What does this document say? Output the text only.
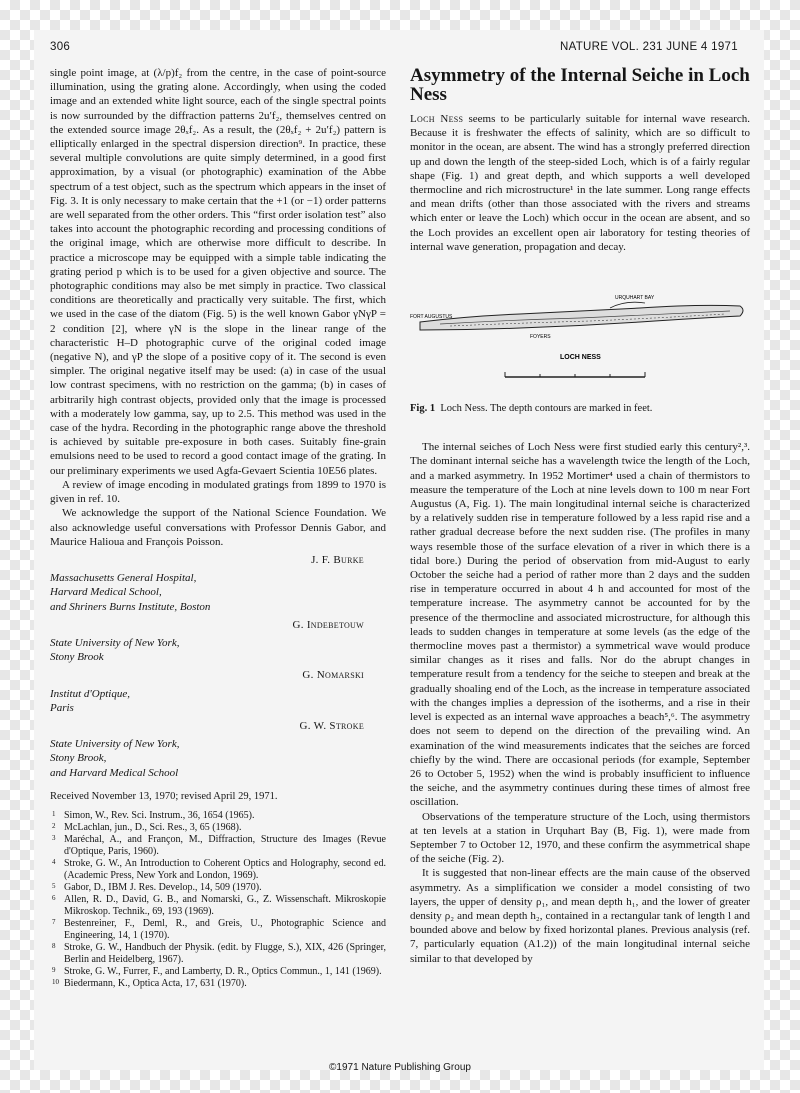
306	NATURE VOL. 231 JUNE 4 1971

single point image, at (λ/p)f₂ from the centre, in the case of point-source illumination, using the grating alone. Accordingly, when using the coded image and an extended white light source, each of the single spectral points is now surrounded by the diffraction patterns 2u′f₂, themselves centred on the extended source image 2θₓf₂. As a result, the (2θₓf₂ + 2u′f₂) pattern is elliptically enlarged in the spectral dispersion direction⁹. In practice, these several multiple convolutions are quite simply determined, in a good first approximation, by a visual (or photographic) examination of the Abbe spectrum of a test object, such as the spectrum which appears in the inset of Fig. 3. It is only necessary to make certain that the +1 (or −1) order patterns are well separated from the other orders. This “first order isolation test” also takes into account the photographic recording and processing conditions of the original image, which are otherwise more difficult to describe. In practice a microscope may be equipped with a simple table indicating the grating period p which is to be used for a given objective and source. The photographic conditions may also be met simply in practice. Two classical conditions are theoretically and practically very suitable. The first, which we used in the case of the diatom (Fig. 5) is the well known Gabor γNγP = 2 condition [2], where γN is the slope in the linear range of the characteristic H–D photographic curve of the original coded image (negative N), and γP the slope of a positive copy of it. The second is even simpler. The original negative itself may be used: (a) in case of the usual low contrast specimens, with no restriction on the gamma; (b) in cases of arbitrarily high contrast objects, provided only that the image is processed with a moderately low gamma, say, up to 2.5. This method was used in the case of the hydra. Recording in the photographic range above the threshold is achieved by suitable pre-exposure in both cases. Suitably fine-grain emulsions need to be used to record a good contact image of the grating. In our preliminary experiments we used Agfa-Gevaert Scientia 10E56 plates.

A review of image encoding in modulated gratings from 1899 to 1970 is given in ref. 10.

We acknowledge the support of the National Science Foundation. We also acknowledge useful conversations with Professor Dennis Gabor, and Maurice Halioua and François Poisson.

J. F. Burke
Massachusetts General Hospital,
Harvard Medical School,
and Shriners Burns Institute, Boston
G. Indebetouw
State University of New York,
Stony Brook
G. Nomarski
Institut d'Optique,
Paris
G. W. Stroke
State University of New York,
Stony Brook,
and Harvard Medical School
Received November 13, 1970; revised April 29, 1971.
1 Simon, W., Rev. Sci. Instrum., 36, 1654 (1965).
2 McLachlan, jun., D., Sci. Res., 3, 65 (1968).
3 Maréchal, A., and Françon, M., Diffraction, Structure des Images (Revue d'Optique, Paris, 1960).
4 Stroke, G. W., An Introduction to Coherent Optics and Holography, second ed. (Academic Press, New York and London, 1969).
5 Gabor, D., IBM J. Res. Develop., 14, 509 (1970).
6 Allen, R. D., David, G. B., and Nomarski, G., Z. Wissenschaft. Mikroskopie Mikroskop. Technik., 69, 193 (1969).
7 Bestenreiner, F., Deml, R., and Greis, U., Photographic Science and Engineering, 14, 1 (1970).
8 Stroke, G. W., Handbuch der Physik. (edit. by Flugge, S.), XIX, 426 (Springer, Berlin and Heidelberg, 1967).
9 Stroke, G. W., Furrer, F., and Lamberty, D. R., Optics Commun., 1, 141 (1969).
10 Biedermann, K., Optica Acta, 17, 631 (1970).
Asymmetry of the Internal Seiche in Loch Ness

Loch Ness seems to be particularly suitable for internal wave research. Because it is freshwater the effects of salinity, which are so difficult to monitor in the ocean, are absent. The wind has a strongly preferred direction up and down the length of the steep-sided Loch, which is of a fairly regular shape (Fig. 1) and great depth, and which supports a well developed thermocline and rich microstructure¹ in the late summer. Long range effects and mean drifts (other than those associated with the rivers and streams which enter or leave the Loch) which occur in the ocean are absent, and so the Loch provides an excellent open air laboratory for testing theories of internal wave generation, propagation and decay.

FORT AUGUSTUS
URQUHART BAY
FOYERS
LOCH NESS
Fig. 1 Loch Ness. The depth contours are marked in feet.

The internal seiches of Loch Ness were first studied early this century²,³. The dominant internal seiche has a wavelength twice the length of the Loch, and a marked asymmetry. In 1952 Mortimer⁴ used a chain of thermistors to measure the temperature of the Loch at nine levels down to 100 m near Fort Augustus (A, Fig. 1). The main longitudinal internal seiche is characterized by a relatively sudden rise in temperature followed by a less rapid rise and a rather gradual decrease before the next sudden rise. (The profiles in many ways resemble those of the surface elevation of a river in which there is a tidal bore.) During the period of observation from mid-August to early October the seiche had a period of rather more than 2 days and the sudden rise in temperature occurred in about 4 h and accounted for most of the temperature increase. The asymmetry cannot be accounted for by the presence of the thermocline and associated microstructure, for although this leads to sudden changes in temperature at some levels (as the edge of the thermocline moves past a thermistor) a symmetrical wave would produce similar changes as it rises and falls. Nor do the abrupt changes in temperature result from a tendency for the seiche to steepen and break at the gradually shoaling end of the Loch, as the increase in temperature associated with the changes implies a depression of the isotherms, and a rise in their level is expected as an internal wave approaches a beach⁵,⁶. The asymmetry does not seem to depend on the direction of the prevailing wind. An examination of the wind measurements indicates that the seiches are forced chiefly by the wind. There are occasional periods (for example, September 26 to October 5, 1952) when the wind is probably insufficient to influence the seiche, and the asymmetry continues during these times of almost free oscillation.

Observations of the temperature structure of the Loch, using thermistors at ten levels at a station in Urquhart Bay (B, Fig. 1), were made from September 7 to October 12, 1970, and these confirm the asymmetrical shape of the seiche (Fig. 2).

It is suggested that non-linear effects are the main cause of the observed asymmetry. As a simplification we consider a model consisting of two layers, the upper of density ρ₁, and mean depth h₁, and the lower of greater density ρ₂ and mean depth h₂, contained in a rectangular tank of length l and bounded above and below by fixed horizontal planes. Previous analysis (ref. 7, particularly equation (A1.2)) of the main longitudinal internal seiche similar to that developed by

©1971 Nature Publishing Group
